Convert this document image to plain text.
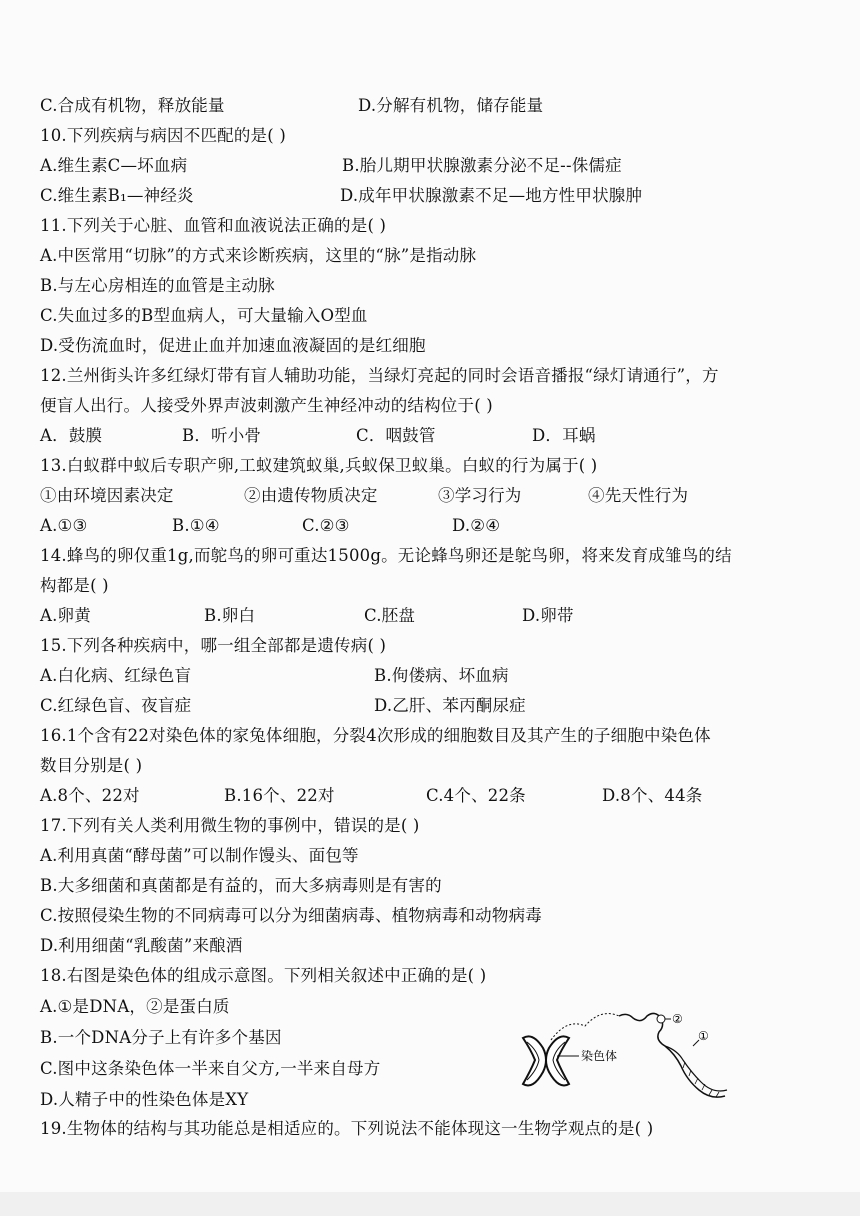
C.合成有机物，释放能量	D.分解有机物，储存能量
10.下列疾病与病因不匹配的是( )
A.维生素C—坏血病	B.胎儿期甲状腺激素分泌不足--侏儒症
C.维生素B₁—神经炎	D.成年甲状腺激素不足—地方性甲状腺肿
11.下列关于心脏、血管和血液说法正确的是( )
A.中医常用“切脉”的方式来诊断疾病，这里的“脉”是指动脉
B.与左心房相连的血管是主动脉
C.失血过多的B型血病人，可大量输入O型血
D.受伤流血时，促进止血并加速血液凝固的是红细胞
12.兰州街头许多红绿灯带有盲人辅助功能，当绿灯亮起的同时会语音播报“绿灯请通行”，方
便盲人出行。人接受外界声波刺激产生神经冲动的结构位于( )
A．鼓膜	B．听小骨	C．咽鼓管	D．耳蜗
13.白蚁群中蚁后专职产卵,工蚁建筑蚁巢,兵蚁保卫蚁巢。白蚁的行为属于( )
①由环境因素决定	②由遗传物质决定	③学习行为	④先天性行为
A.①③	B.①④	C.②③	D.②④
14.蜂鸟的卵仅重1g,而鸵鸟的卵可重达1500g。无论蜂鸟卵还是鸵鸟卵，将来发育成雏鸟的结
构都是( )
A.卵黄	B.卵白	C.胚盘	D.卵带
15.下列各种疾病中，哪一组全部都是遗传病( )
A.白化病、红绿色盲	B.佝偻病、坏血病
C.红绿色盲、夜盲症	D.乙肝、苯丙酮尿症
16.1个含有22对染色体的家兔体细胞，分裂4次形成的细胞数目及其产生的子细胞中染色体
数目分别是( )
A.8个、22对	B.16个、22对	C.4个、22条	D.8个、44条
17.下列有关人类利用微生物的事例中，错误的是( )
A.利用真菌“酵母菌”可以制作馒头、面包等
B.大多细菌和真菌都是有益的，而大多病毒则是有害的
C.按照侵染生物的不同病毒可以分为细菌病毒、植物病毒和动物病毒
D.利用细菌“乳酸菌”来酿酒
18.右图是染色体的组成示意图。下列相关叙述中正确的是( )
A.①是DNA，②是蛋白质
B.一个DNA分子上有许多个基因
C.图中这条染色体一半来自父方,一半来自母方
D.人精子中的性染色体是XY
染色体
②
①
19.生物体的结构与其功能总是相适应的。下列说法不能体现这一生物学观点的是( )
